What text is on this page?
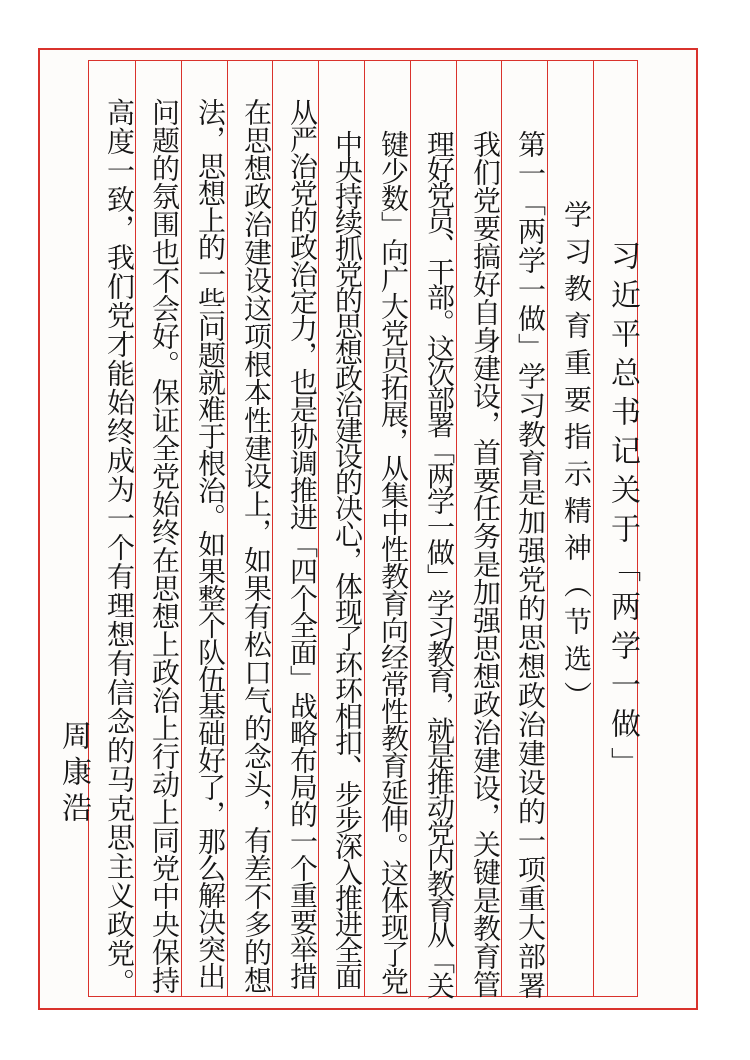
习近平总书记关于「两学一做」
学习教育重要指示精神（节选）
第一「两学一做」学习教育是加强党的思想政治建设的一项重大部署
我们党要搞好自身建设，首要任务是加强思想政治建设，关键是教育管
理好党员、干部。这次部署「两学一做」学习教育，就是推动党内教育从「关
键少数」向广大党员拓展，从集中性教育向经常性教育延伸。这体现了党
中央持续抓党的思想政治建设的决心，体现了环环相扣、步步深入推进全面
从严治党的政治定力，也是协调推进「四个全面」战略布局的一个重要举措
在思想政治建设这项根本性建设上，如果有松口气的念头，有差不多的想
法，思想上的一些问题就难于根治。如果整个队伍基础好了，那么解决突出
问题的氛围也不会好。保证全党始终在思想上政治上行动上同党中央保持
高度一致，我们党才能始终成为一个有理想有信念的马克思主义政党。
周康浩
